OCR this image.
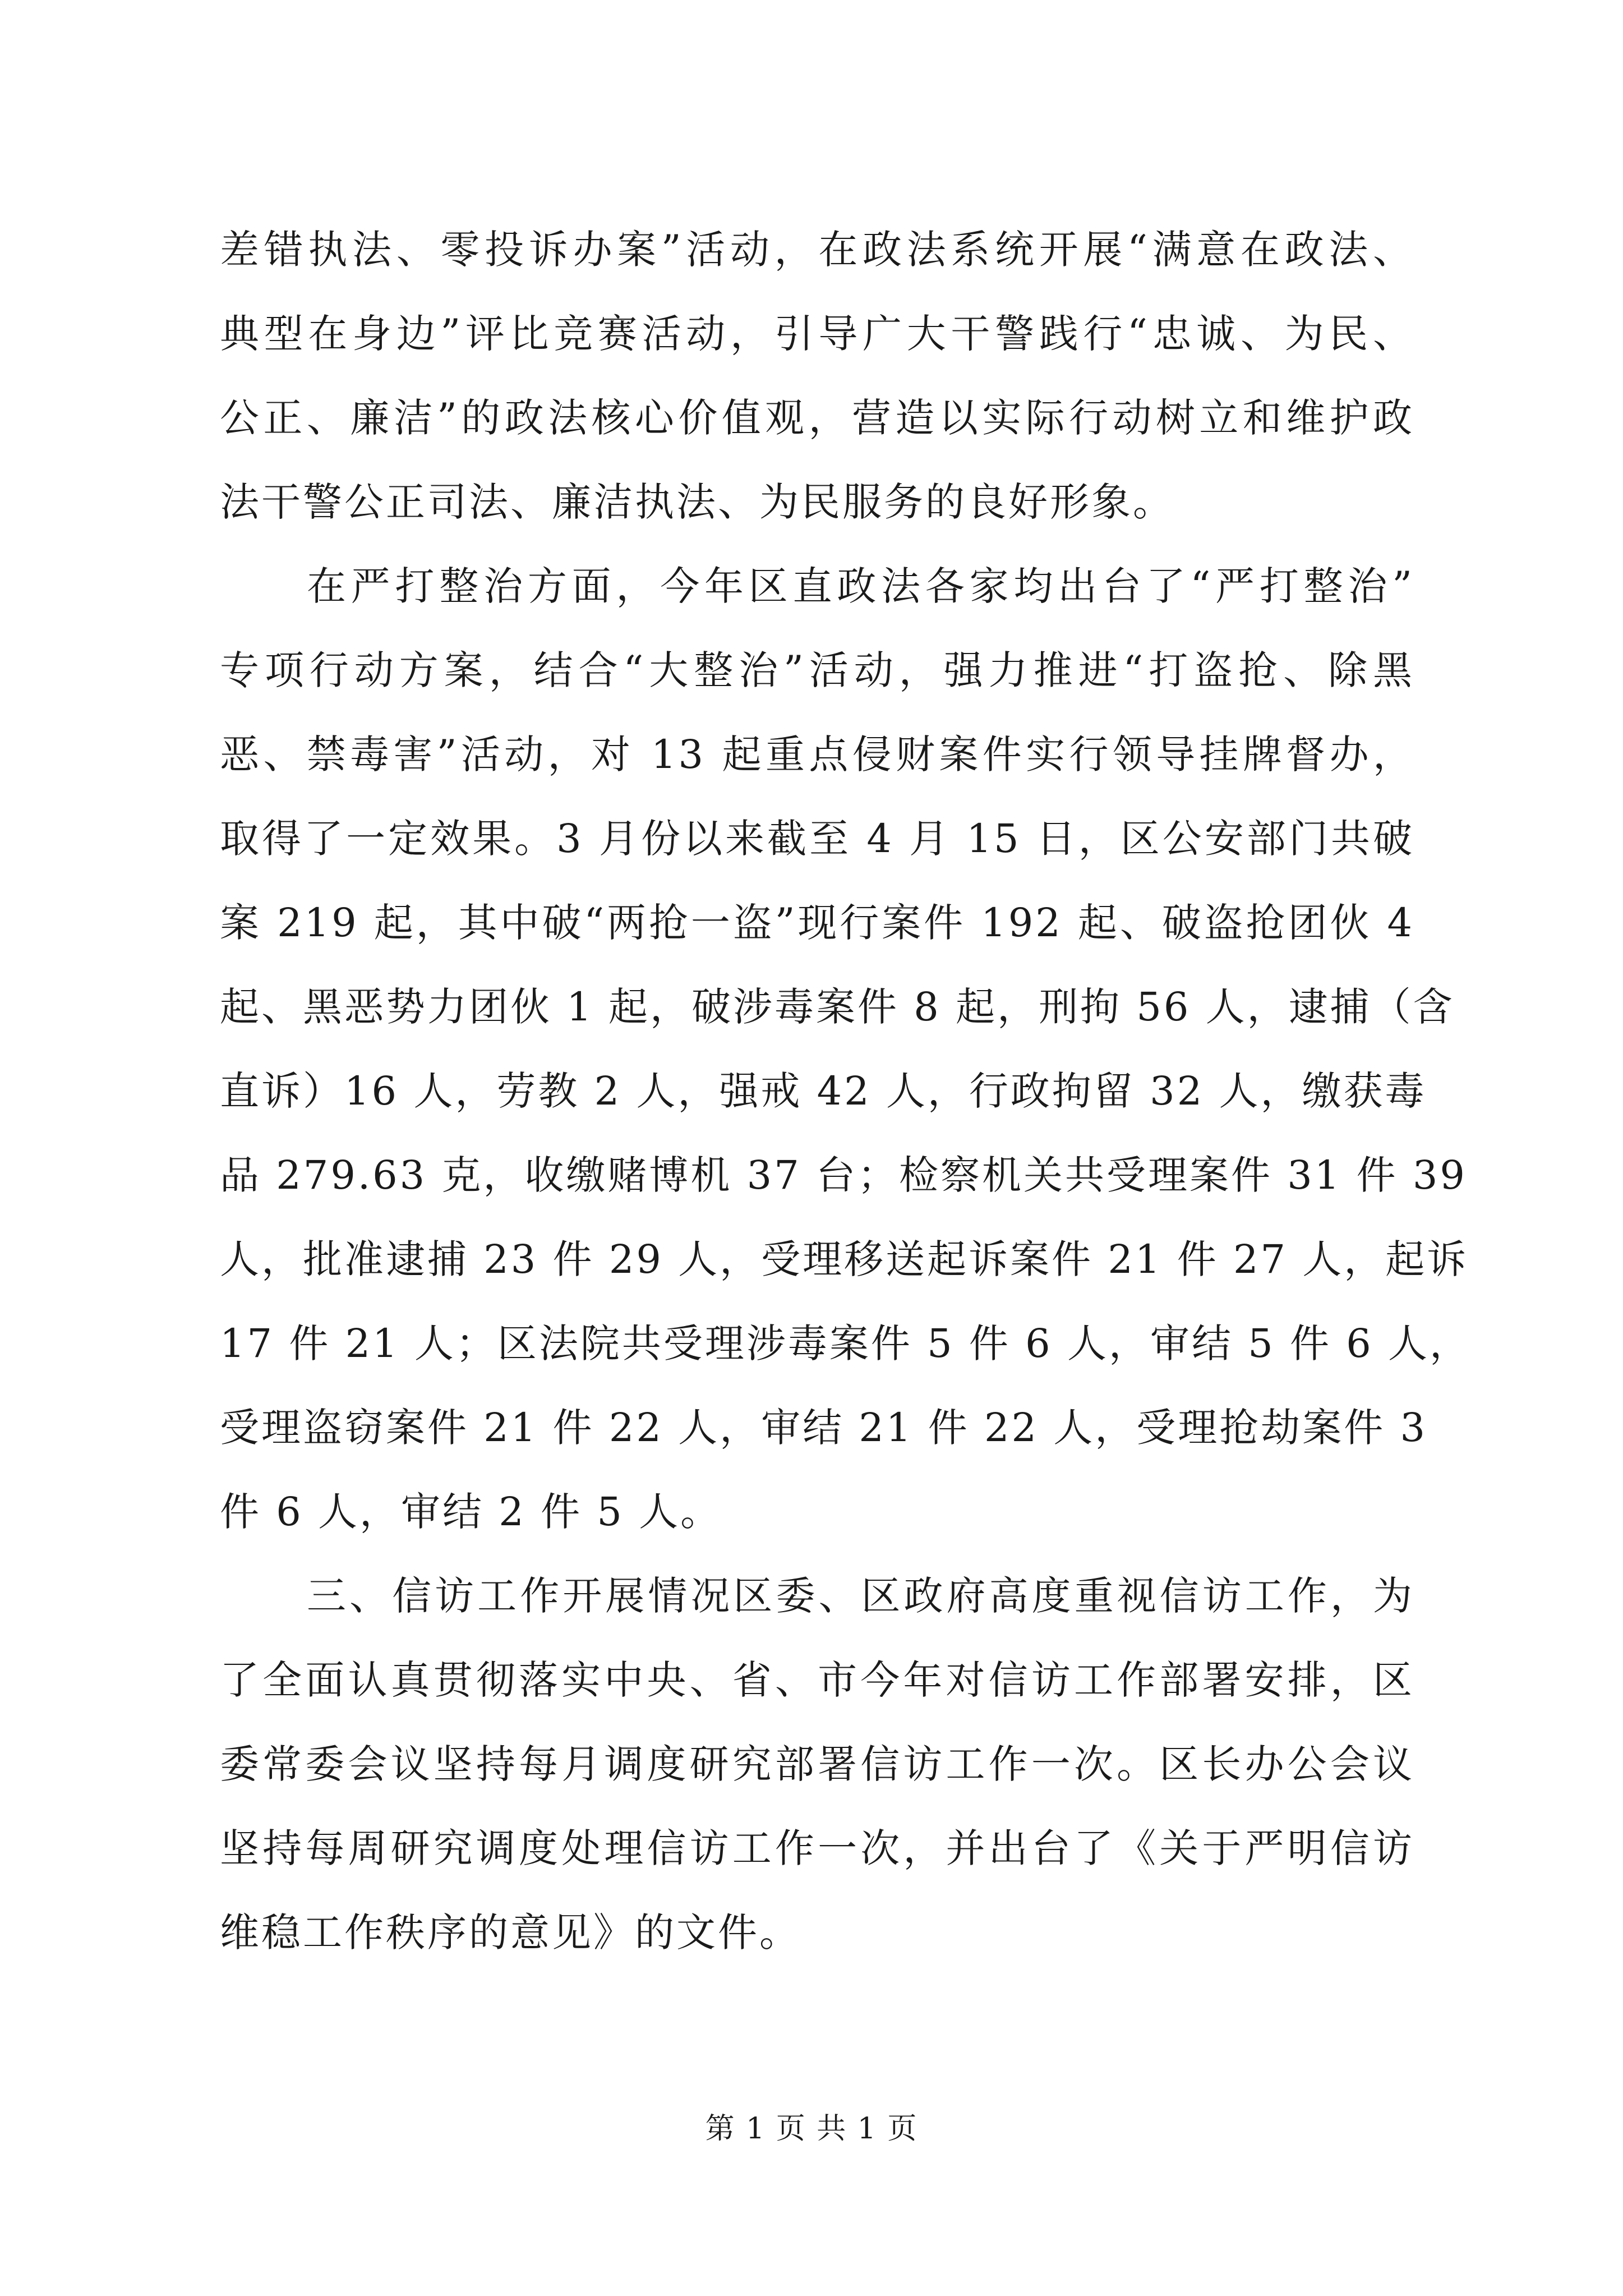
差错执法、零投诉办案”活动，在政法系统开展“满意在政法、
典型在身边”评比竞赛活动，引导广大干警践行“忠诚、为民、
公正、廉洁”的政法核心价值观，营造以实际行动树立和维护政
法干警公正司法、廉洁执法、为民服务的良好形象。
在严打整治方面，今年区直政法各家均出台了“严打整治”
专项行动方案，结合“大整治”活动，强力推进“打盗抢、除黑
恶、禁毒害”活动，对 13 起重点侵财案件实行领导挂牌督办，
取得了一定效果。3 月份以来截至 4 月 15 日，区公安部门共破
案 219 起，其中破“两抢一盗”现行案件 192 起、破盗抢团伙 4
起、黑恶势力团伙 1 起，破涉毒案件 8 起，刑拘 56 人，逮捕（含
直诉）16 人，劳教 2 人，强戒 42 人，行政拘留 32 人，缴获毒
品 279.63 克，收缴赌博机 37 台；检察机关共受理案件 31 件 39
人，批准逮捕 23 件 29 人，受理移送起诉案件 21 件 27 人，起诉
17 件 21 人；区法院共受理涉毒案件 5 件 6 人，审结 5 件 6 人，
受理盗窃案件 21 件 22 人，审结 21 件 22 人，受理抢劫案件 3
件 6 人，审结 2 件 5 人。
三、信访工作开展情况区委、区政府高度重视信访工作，为
了全面认真贯彻落实中央、省、市今年对信访工作部署安排，区
委常委会议坚持每月调度研究部署信访工作一次。区长办公会议
坚持每周研究调度处理信访工作一次，并出台了《关于严明信访
维稳工作秩序的意见》的文件。
第 1 页 共 1 页
